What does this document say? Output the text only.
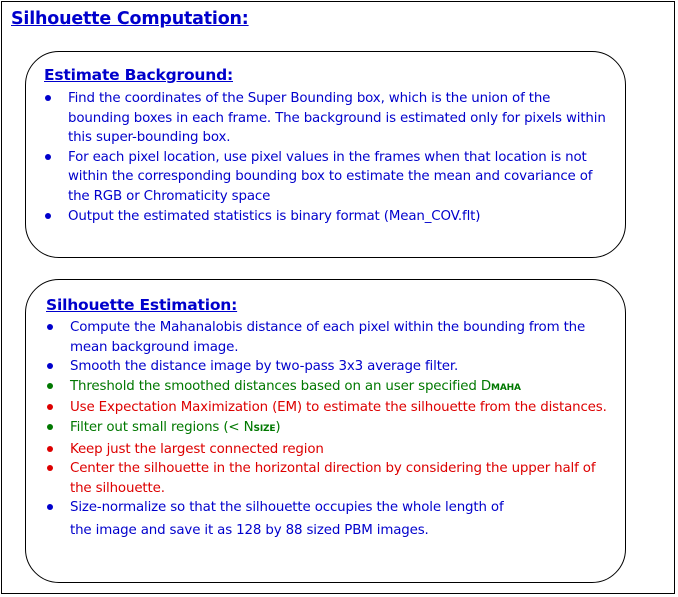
Silhouette Computation:
Estimate Background:
Find the coordinates of the Super Bounding box, which is the union of the bounding boxes in each frame. The background is estimated only for pixels within this super-bounding box.
For each pixel location, use pixel values in the frames when that location is not within the corresponding bounding box to estimate the mean and covariance of the RGB or Chromaticity space
Output the estimated statistics is binary format (Mean_COV.flt)
Silhouette Estimation:
Compute the Mahanalobis distance of each pixel within the bounding from the mean background image.
Smooth the distance image by two-pass 3x3 average filter.
Threshold the smoothed distances based on an user specified DMAHA
Use Expectation Maximization (EM) to estimate the silhouette from the distances.
Filter out small regions (< NSIZE)
Keep just the largest connected region
Center the silhouette in the horizontal direction by considering the upper half of the silhouette.
Size-normalize so that the silhouette occupies the whole length of
the image and save it as 128 by 88 sized PBM images.
